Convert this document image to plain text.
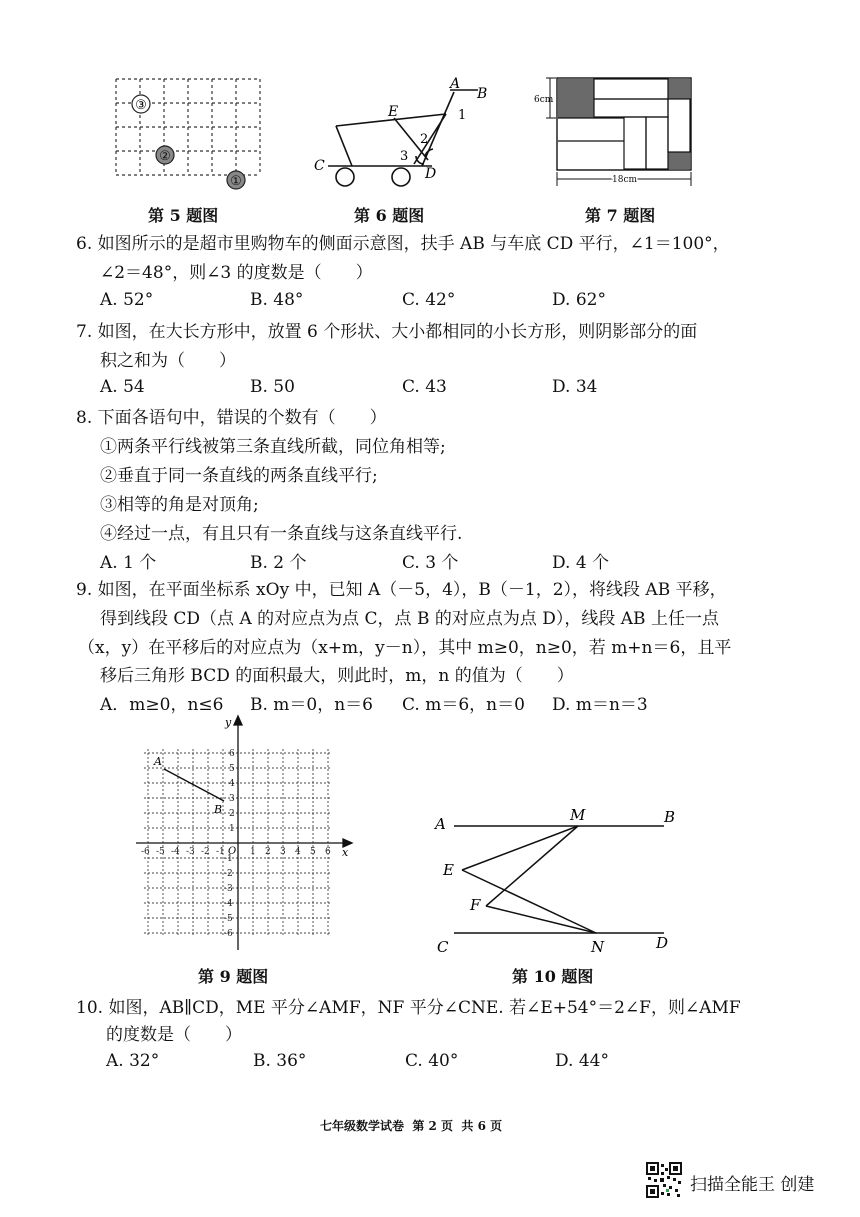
③
②
①
第 5 题图
A
B
E
C	D
1
2
3
第 6 题图
6cm
18cm
第 7 题图
6. 如图所示的是超市里购物车的侧面示意图，扶手 AB 与车底 CD 平行，∠1＝100°，
∠2＝48°，则∠3 的度数是（　　）
A. 52°	B. 48°	C. 42°	D. 62°
7. 如图，在大长方形中，放置 6 个形状、大小都相同的小长方形，则阴影部分的面
积之和为（　　）
A. 54	B. 50	C. 43	D. 34
8. 下面各语句中，错误的个数有（　　）
①两条平行线被第三条直线所截，同位角相等;
②垂直于同一条直线的两条直线平行;
③相等的角是对顶角;
④经过一点，有且只有一条直线与这条直线平行.
A. 1 个	B. 2 个	C. 3 个	D. 4 个
9. 如图，在平面坐标系 xOy 中，已知 A（－5，4），B（－1，2），将线段 AB 平移，
得到线段 CD（点 A 的对应点为点 C，点 B 的对应点为点 D），线段 AB 上任一点
（x，y）在平移后的对应点为（x+m，y－n），其中 m≥0，n≥0，若 m+n＝6，且平
移后三角形 BCD 的面积最大，则此时，m，n 的值为（　　）
A．m≥0，n≤6 B. m＝0，n＝6 C. m＝6，n＝0 D. m＝n＝3
-6
-6
-5
-5
-4
-4
-3
-3
-2
-2
-1
-1
1
1
2
2
3
3
4
4
5
5
6
6
y
x
O
A
B
第 9 题图
A	B
C	D
M
N
E
F
第 10 题图
10. 如图，AB∥CD，ME 平分∠AMF，NF 平分∠CNE. 若∠E+54°＝2∠F，则∠AMF
的度数是（　　）
A. 32°	B. 36°	C. 40°	D. 44°
七年级数学试卷  第 2 页  共 6 页
扫描全能王 创建
